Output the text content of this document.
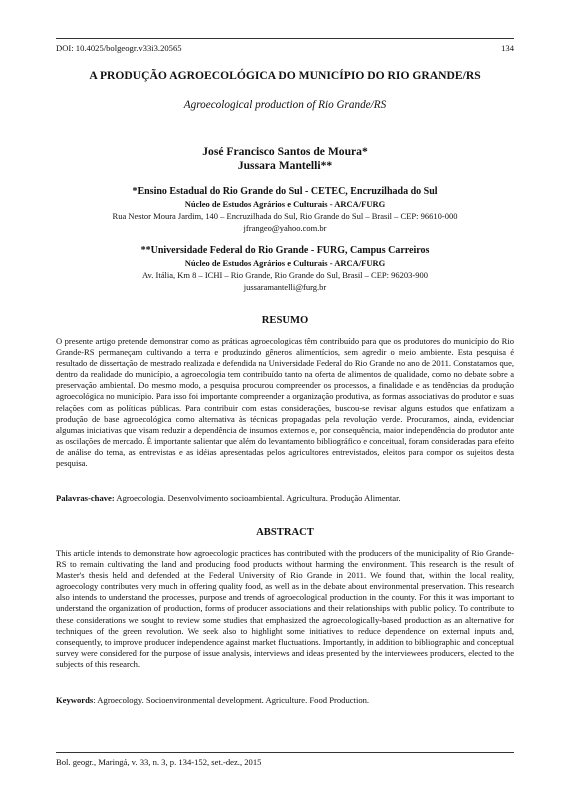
DOI: 10.4025/bolgeogr.v33i3.20565	134
A PRODUÇÃO AGROECOLÓGICA DO MUNICÍPIO DO RIO GRANDE/RS
Agroecological production of Rio Grande/RS
José Francisco Santos de Moura*
Jussara Mantelli**
*Ensino Estadual do Rio Grande do Sul - CETEC, Encruzilhada do Sul
Núcleo de Estudos Agrários e Culturais - ARCA/FURG
Rua Nestor Moura Jardim, 140 – Encruzilhada do Sul, Rio Grande do Sul – Brasil – CEP: 96610-000
jfrangeo@yahoo.com.br
**Universidade Federal do Rio Grande - FURG, Campus Carreiros
Núcleo de Estudos Agrários e Culturais - ARCA/FURG
Av. Itália, Km 8 – ICHI – Rio Grande, Rio Grande do Sul, Brasil – CEP: 96203-900
jussaramantelli@furg.br
RESUMO
O presente artigo pretende demonstrar como as práticas agroecologicas têm contribuído para que os produtores do município do Rio Grande-RS permaneçam cultivando a terra e produzindo gêneros alimentícios, sem agredir o meio ambiente. Esta pesquisa é resultado de dissertação de mestrado realizada e defendida na Universidade Federal do Rio Grande no ano de 2011. Constatamos que, dentro da realidade do município, a agroecologia tem contribuído tanto na oferta de alimentos de qualidade, como no debate sobre a preservação ambiental. Do mesmo modo, a pesquisa procurou compreender os processos, a finalidade e as tendências da produção agroecológica no município. Para isso foi importante compreender a organização produtiva, as formas associativas do produtor e suas relações com as políticas públicas. Para contribuir com estas considerações, buscou-se revisar alguns estudos que enfatizam a produção de base agroecológica como alternativa às técnicas propagadas pela revolução verde. Procuramos, ainda, evidenciar algumas iniciativas que visam reduzir a dependência de insumos externos e, por consequência, maior independência do produtor ante as oscilações de mercado. É importante salientar que além do levantamento bibliográfico e conceitual, foram consideradas para efeito de análise do tema, as entrevistas e as idéias apresentadas pelos agricultores entrevistados, eleitos para compor os sujeitos desta pesquisa.
Palavras-chave: Agroecologia. Desenvolvimento socioambiental. Agricultura. Produção Alimentar.
ABSTRACT
This article intends to demonstrate how agroecologic practices has contributed with the producers of the municipality of Rio Grande-RS to remain cultivating the land and producing food products without harming the environment. This research is the result of Master's thesis held and defended at the Federal University of Rio Grande in 2011. We found that, within the local reality, agroecology contributes very much in offering quality food, as well as in the debate about environmental preservation. This research also intends to understand the processes, purpose and trends of agroecological production in the county. For this it was important to understand the organization of production, forms of producer associations and their relationships with public policy. To contribute to these considerations we sought to review some studies that emphasized the agroecologically-based production as an alternative for techniques of the green revolution. We seek also to highlight some initiatives to reduce dependence on external inputs and, consequently, to improve producer independence against market fluctuations. Importantly, in addition to bibliographic and conceptual survey were considered for the purpose of issue analysis, interviews and ideas presented by the interviewees producers, elected to the subjects of this research.
Keywords: Agroecology. Socioenvironmental development. Agriculture. Food Production.
Bol. geogr., Maringá, v. 33, n. 3, p. 134-152, set.-dez., 2015
